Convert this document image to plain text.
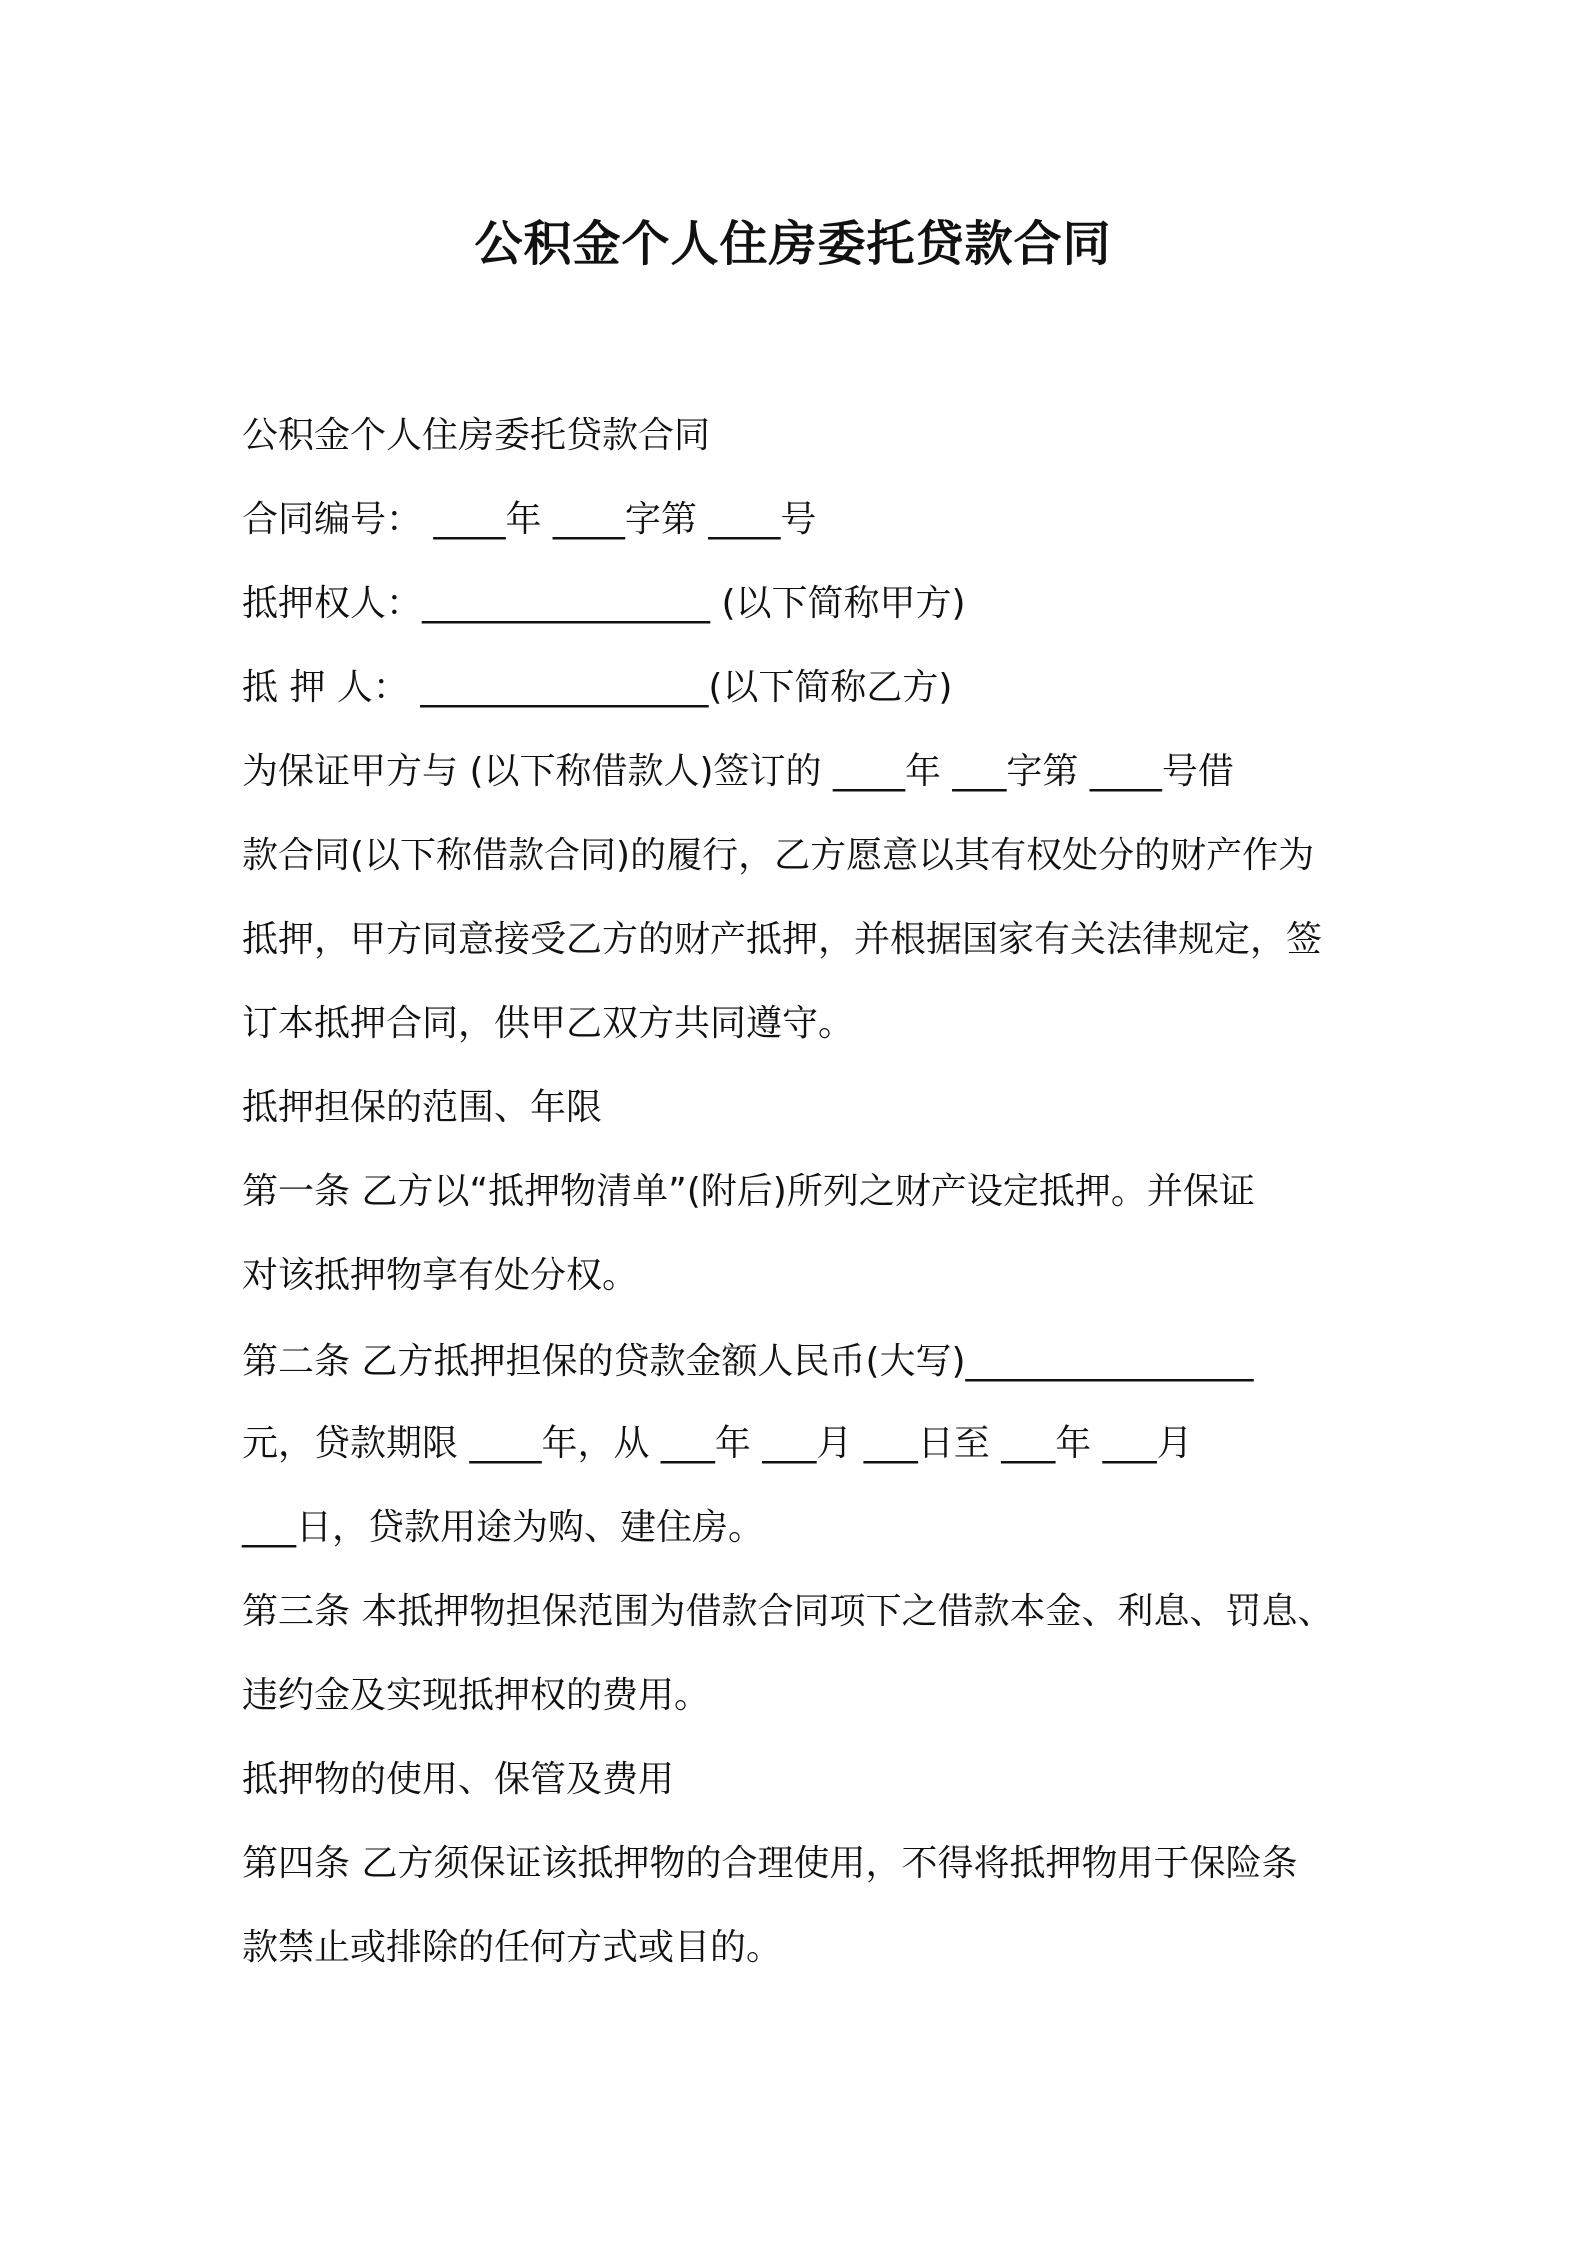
公积金个人住房委托贷款合同
公积金个人住房委托贷款合同
合同编号： ____年 ____字第 ____号
抵押权人：________________ (以下简称甲方)
抵 押 人： ________________(以下简称乙方)
为保证甲方与 (以下称借款人)签订的 ____年 ___字第 ____号借
款合同(以下称借款合同)的履行，乙方愿意以其有权处分的财产作为
抵押，甲方同意接受乙方的财产抵押，并根据国家有关法律规定，签
订本抵押合同，供甲乙双方共同遵守。
抵押担保的范围、年限
第一条 乙方以“抵押物清单”(附后)所列之财产设定抵押。并保证
对该抵押物享有处分权。
第二条 乙方抵押担保的贷款金额人民币(大写)________________
元，贷款期限 ____年，从 ___年 ___月 ___日至 ___年 ___月
___日，贷款用途为购、建住房。
第三条 本抵押物担保范围为借款合同项下之借款本金、利息、罚息、
违约金及实现抵押权的费用。
抵押物的使用、保管及费用
第四条 乙方须保证该抵押物的合理使用，不得将抵押物用于保险条
款禁止或排除的任何方式或目的。
